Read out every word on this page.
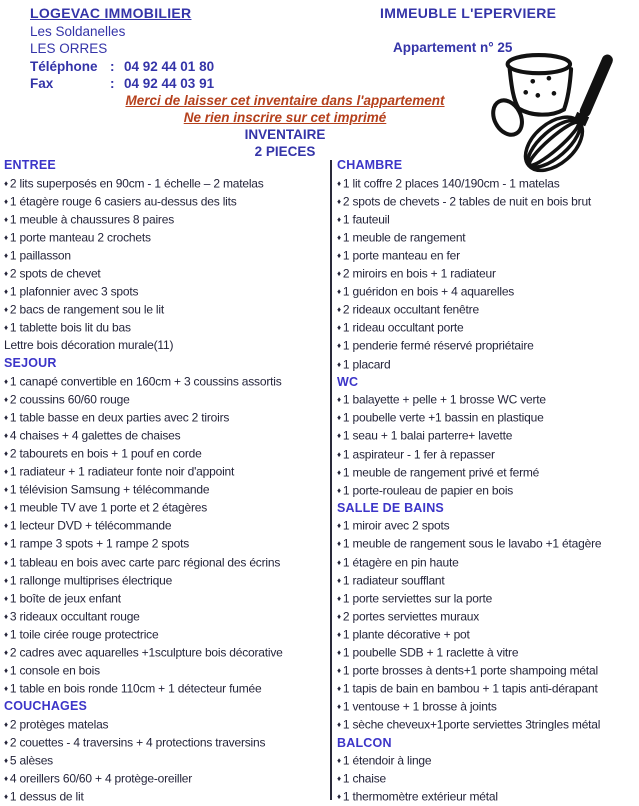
LOGEVAC IMMOBILIER
Les Soldanelles
LES ORRES
Téléphone : 04 92 44 01 80
Fax	: 04 92 44 03 91
IMMEUBLE L'EPERVIERE
Appartement n° 25
Merci de laisser cet inventaire dans l'appartement
Ne rien inscrire sur cet imprimé
INVENTAIRE
2 PIECES
ENTREE
♦ 2 lits superposés en 90cm - 1 échelle – 2 matelas
♦ 1 étagère rouge 6 casiers au-dessus des lits
♦ 1 meuble à chaussures 8 paires
♦ 1 porte manteau 2 crochets
♦ 1 paillasson
♦ 2 spots de chevet
♦ 1 plafonnier avec 3 spots
♦ 2 bacs de rangement sou le lit
♦ 1 tablette bois lit du bas
Lettre bois décoration murale(11)
SEJOUR
♦ 1 canapé convertible en 160cm + 3 coussins assortis
♦ 2 coussins 60/60 rouge
♦ 1 table basse en deux parties avec 2 tiroirs
♦ 4 chaises + 4 galettes de chaises
♦ 2 tabourets en bois + 1 pouf en corde
♦ 1 radiateur + 1 radiateur fonte noir d'appoint
♦ 1 télévision Samsung + télécommande
♦ 1 meuble TV ave 1 porte et 2 étagères
♦ 1 lecteur DVD + télécommande
♦ 1 rampe 3 spots + 1 rampe 2 spots
♦ 1 tableau en bois avec carte parc régional des écrins
♦ 1 rallonge multiprises électrique
♦ 1 boîte de jeux enfant
♦ 3 rideaux occultant rouge
♦ 1 toile cirée rouge protectrice
♦ 2 cadres avec aquarelles +1sculpture bois décorative
♦ 1 console en bois
♦ 1 table en bois ronde 110cm + 1 détecteur fumée
COUCHAGES
♦ 2 protèges matelas
♦ 2 couettes - 4 traversins + 4 protections traversins
♦ 5 alèses
♦ 4 oreillers 60/60 + 4 protège-oreiller
♦ 1 dessus de lit
CHAMBRE
♦ 1 lit coffre 2 places 140/190cm - 1 matelas
♦ 2 spots de chevets - 2 tables de nuit en bois brut
♦ 1 fauteuil
♦ 1 meuble de rangement
♦ 1 porte manteau en fer
♦ 2 miroirs en bois + 1 radiateur
♦ 1 guéridon en bois + 4 aquarelles
♦ 2 rideaux occultant fenêtre
♦ 1 rideau occultant porte
♦ 1 penderie fermé réservé propriétaire
♦ 1 placard
WC
♦ 1 balayette + pelle + 1 brosse WC verte
♦ 1 poubelle verte +1 bassin en plastique
♦ 1 seau + 1 balai parterre+ lavette
♦ 1 aspirateur - 1 fer à repasser
♦ 1 meuble de rangement privé et fermé
♦ 1 porte-rouleau de papier en bois
SALLE DE BAINS
♦ 1 miroir avec 2 spots
♦ 1 meuble de rangement sous le lavabo +1 étagère
♦ 1 étagère en pin haute
♦ 1 radiateur soufflant
♦ 1 porte serviettes sur la porte
♦ 2 portes serviettes muraux
♦ 1 plante décorative + pot
♦ 1 poubelle SDB + 1 raclette à vitre
♦ 1 porte brosses à dents+1 porte shampoing métal
♦ 1 tapis de bain en bambou + 1 tapis anti-dérapant
♦ 1 ventouse + 1 brosse à joints
♦ 1 sèche cheveux+1porte serviettes 3tringles métal
BALCON
♦ 1 étendoir à linge
♦ 1 chaise
♦ 1 thermomètre extérieur métal
